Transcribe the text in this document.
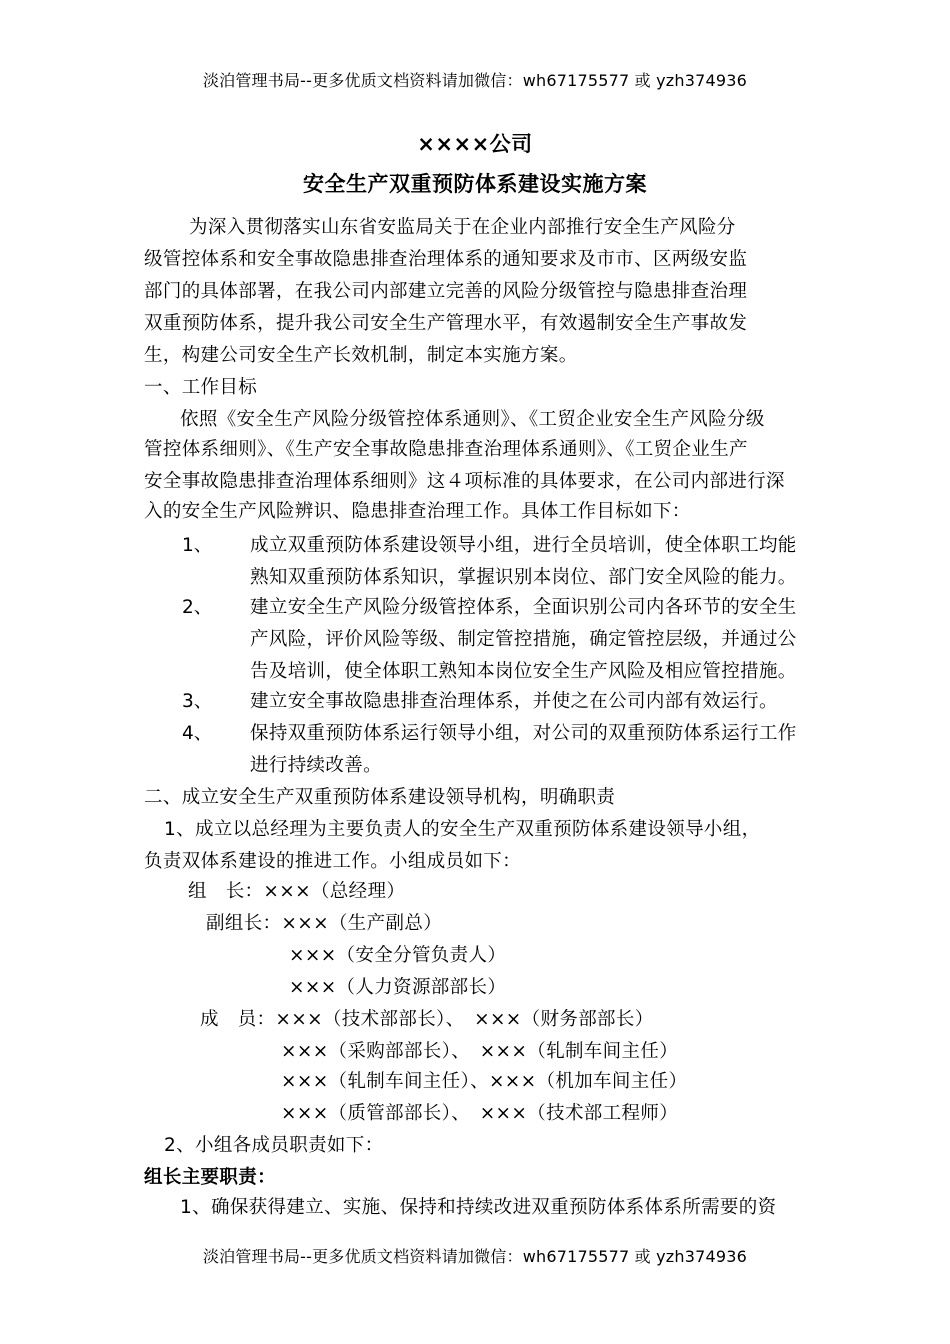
淡泊管理书局--更多优质文档资料请加微信：wh67175577 或 yzh374936
××××公司
安全生产双重预防体系建设实施方案
为深入贯彻落实山东省安监局关于在企业内部推行安全生产风险分
级管控体系和安全事故隐患排查治理体系的通知要求及市市、区两级安监
部门的具体部署，在我公司内部建立完善的风险分级管控与隐患排查治理
双重预防体系，提升我公司安全生产管理水平，有效遏制安全生产事故发
生，构建公司安全生产长效机制，制定本实施方案。
一、工作目标
依照《安全生产风险分级管控体系通则》、《工贸企业安全生产风险分级
管控体系细则》、《生产安全事故隐患排查治理体系通则》、《工贸企业生产
安全事故隐患排查治理体系细则》这４项标准的具体要求，在公司内部进行深
入的安全生产风险辨识、隐患排查治理工作。具体工作目标如下：
1、 成立双重预防体系建设领导小组，进行全员培训，使全体职工均能
熟知双重预防体系知识，掌握识别本岗位、部门安全风险的能力。
2、 建立安全生产风险分级管控体系，全面识别公司内各环节的安全生
产风险，评价风险等级、制定管控措施，确定管控层级，并通过公
告及培训，使全体职工熟知本岗位安全生产风险及相应管控措施。
3、 建立安全事故隐患排查治理体系，并使之在公司内部有效运行。
4、 保持双重预防体系运行领导小组，对公司的双重预防体系运行工作
进行持续改善。
二、成立安全生产双重预防体系建设领导机构，明确职责
1、成立以总经理为主要负责人的安全生产双重预防体系建设领导小组，
负责双体系建设的推进工作。小组成员如下：
组　长：×××（总经理）
副组长：×××（生产副总）
×××（安全分管负责人）
×××（人力资源部部长）
成　员：×××（技术部部长）、　×××（财务部部长）
×××（采购部部长）、　×××（轧制车间主任）
×××（轧制车间主任）、×××（机加车间主任）
×××（质管部部长）、　×××（技术部工程师）
2、小组各成员职责如下：
组长主要职责：
1、确保获得建立、实施、保持和持续改进双重预防体系体系所需要的资
淡泊管理书局--更多优质文档资料请加微信：wh67175577 或 yzh374936
